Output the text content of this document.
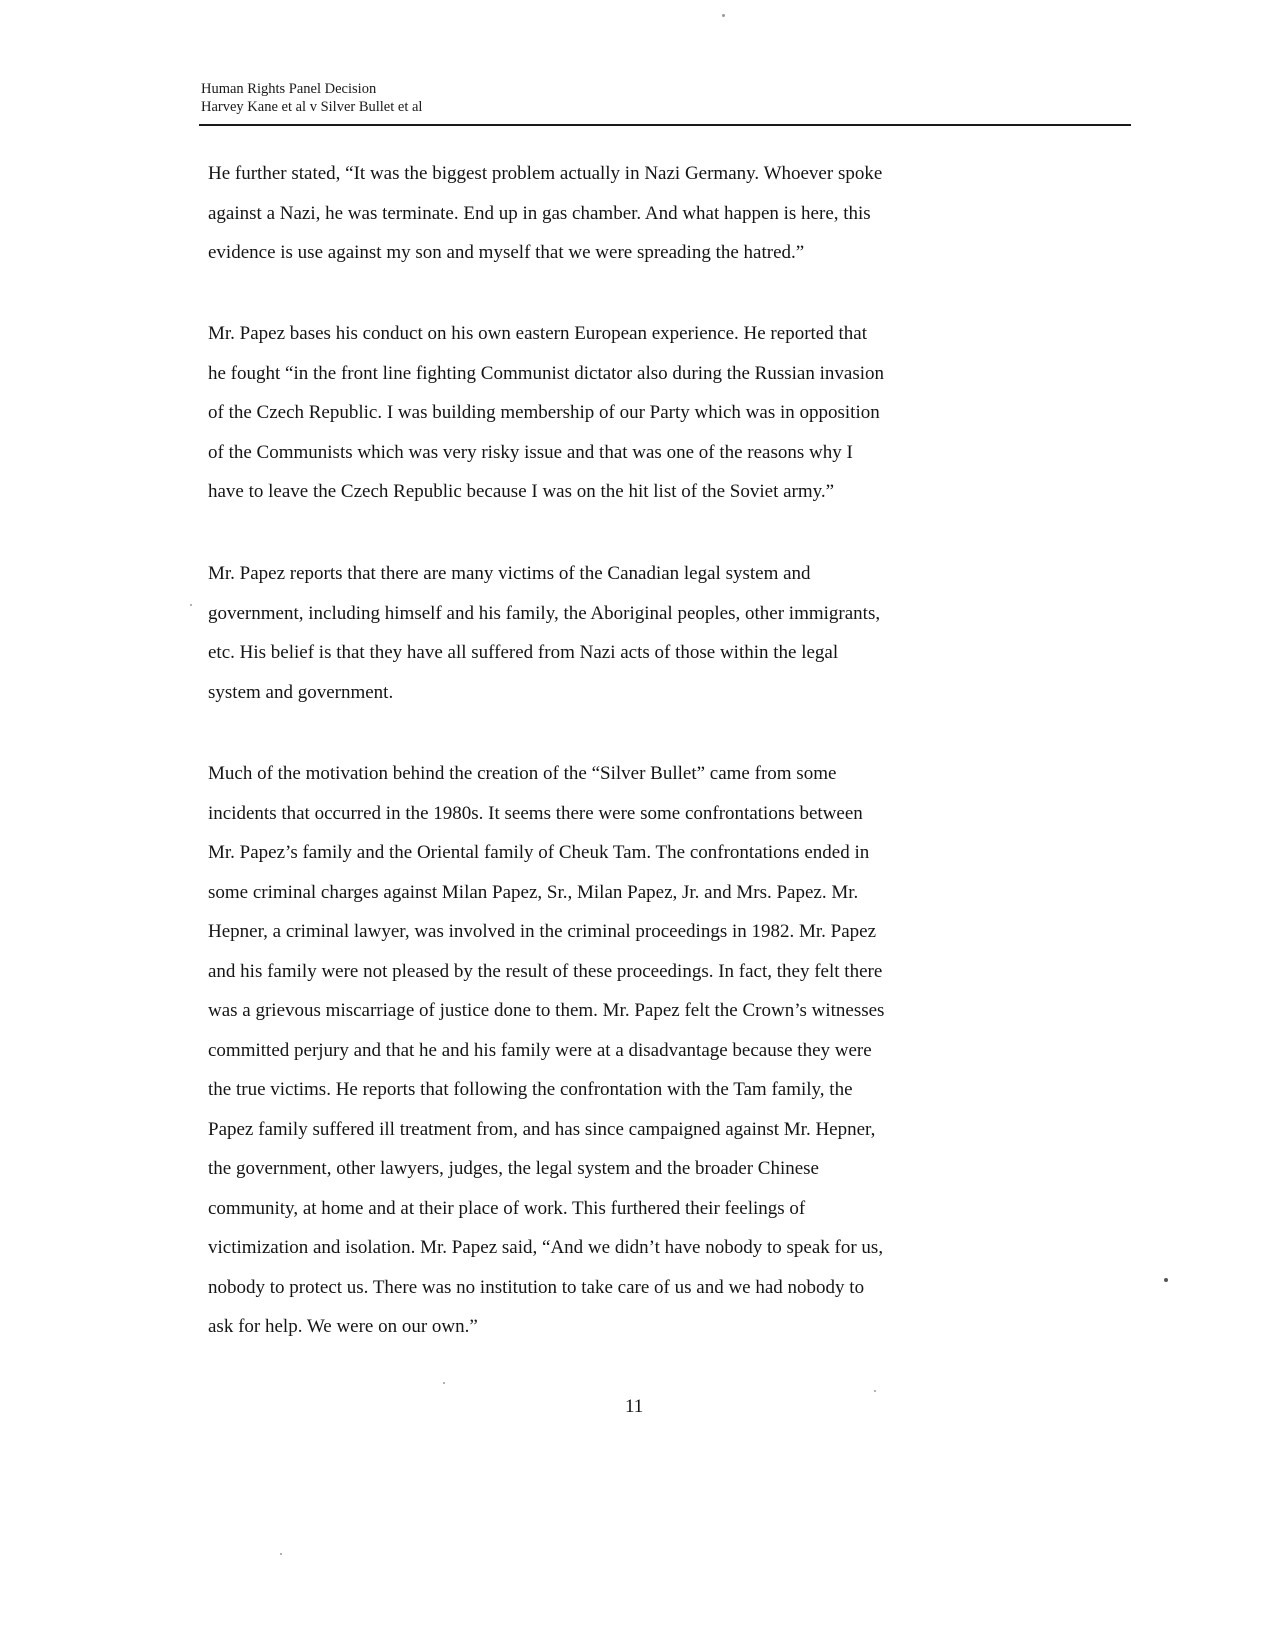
Human Rights Panel Decision
Harvey Kane et al v Silver Bullet et al
He further stated, “It was the biggest problem actually in Nazi Germany. Whoever spoke
against a Nazi, he was terminate. End up in gas chamber. And what happen is here, this
evidence is use against my son and myself that we were spreading the hatred.”
Mr. Papez bases his conduct on his own eastern European experience. He reported that
he fought “in the front line fighting Communist dictator also during the Russian invasion
of the Czech Republic. I was building membership of our Party which was in opposition
of the Communists which was very risky issue and that was one of the reasons why I
have to leave the Czech Republic because I was on the hit list of the Soviet army.”
Mr. Papez reports that there are many victims of the Canadian legal system and
government, including himself and his family, the Aboriginal peoples, other immigrants,
etc. His belief is that they have all suffered from Nazi acts of those within the legal
system and government.
Much of the motivation behind the creation of the “Silver Bullet” came from some
incidents that occurred in the 1980s. It seems there were some confrontations between
Mr. Papez’s family and the Oriental family of Cheuk Tam. The confrontations ended in
some criminal charges against Milan Papez, Sr., Milan Papez, Jr. and Mrs. Papez. Mr.
Hepner, a criminal lawyer, was involved in the criminal proceedings in 1982. Mr. Papez
and his family were not pleased by the result of these proceedings. In fact, they felt there
was a grievous miscarriage of justice done to them. Mr. Papez felt the Crown’s witnesses
committed perjury and that he and his family were at a disadvantage because they were
the true victims. He reports that following the confrontation with the Tam family, the
Papez family suffered ill treatment from, and has since campaigned against Mr. Hepner,
the government, other lawyers, judges, the legal system and the broader Chinese
community, at home and at their place of work. This furthered their feelings of
victimization and isolation. Mr. Papez said, “And we didn’t have nobody to speak for us,
nobody to protect us. There was no institution to take care of us and we had nobody to
ask for help. We were on our own.”
11
